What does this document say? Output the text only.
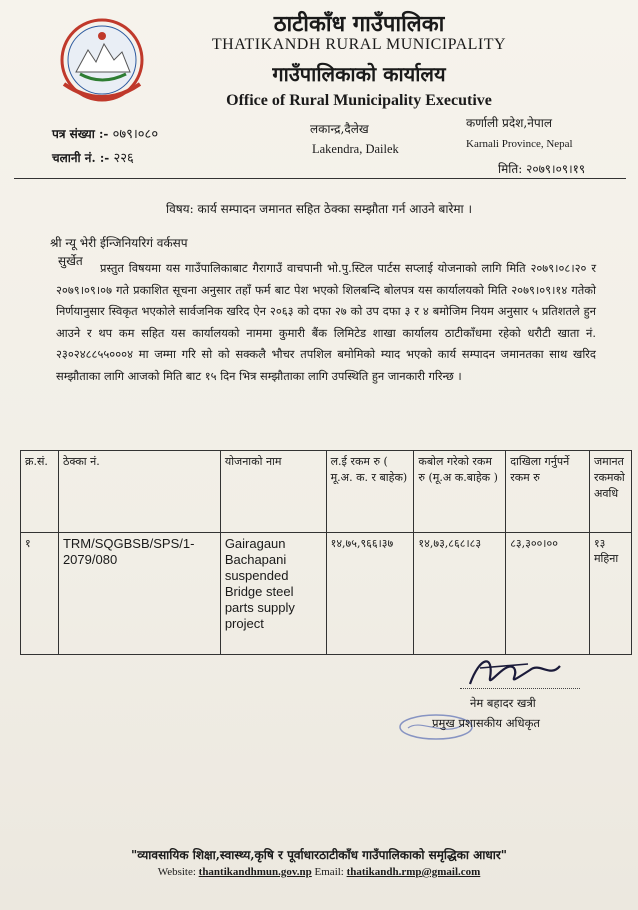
ठाटीकाँध गाउँपालिका
THATIKANDH RURAL MUNICIPALITY
गाउँपालिकाको कार्यालय
Office of Rural Municipality Executive
पत्र संख्या :- ०७९।०८०
चलानी नं. :- २२६
लकान्द्र,दैलेख
Lakendra, Dailek
कर्णाली प्रदेश,नेपाल
Karnali Province, Nepal
मिति: २०७९।०९।१९
विषय: कार्य सम्पादन जमानत सहित ठेक्का सम्झौता गर्न आउने बारेमा ।
श्री न्यू भेरी ईन्जिनियरिगं वर्कसप
सुर्खेत	प्रस्तुत विषयमा यस गाउँपालिकाबाट गैरागाउँ वाचपानी भो.पु.स्टिल पार्टस सप्लाई योजनाको लागि मिति २०७९।०८।२० र २०७९।०९।०७ गते प्रकाशित सूचना अनुसार तहाँ फर्म बाट पेश भएको शिलबन्दि बोलपत्र यस कार्यालयको मिति २०७९।०९।१४ गतेको निर्णयानुसार स्विकृत भएकोले सार्वजनिक खरिद ऐन २०६३ को दफा २७ को उप दफा ३ र ४ बमोजिम नियम अनुसार ५ प्रतिशतले हुन आउने र थप कम सहित यस कार्यालयको नाममा कुमारी बैंक लिमिटेड शाखा कार्यालय ठाटीकाँधमा रहेको धरौटी खाता नं. २३०२४८८५५०००४ मा जम्मा गरि सो को सक्कलै भौचर तपशिल बमोमिको म्याद भएको कार्य सम्पादन जमानतका साथ खरिद सम्झौताका लागि आजको मिति बाट १५ दिन भित्र सम्झौताका लागि उपस्थिति हुन जानकारी गरिन्छ ।
क्र.सं.	ठेक्का नं.	योजनाको नाम	ल.ई रकम रु ( मू.अ. क. र बाहेक)	कबोल गरेको रकम रु (मू.अ क.बाहेक )	दाखिला गर्नुपर्ने रकम रु	जमानत रकमको अवधि
१	TRM/SQGBSB/SPS/1-2079/080	Gairagaun Bachapani suspended Bridge steel parts supply project	१४,७५,९६६।३७	१४,७३,८६८।८३	८३,३००।००	१३ महिना
नेम बहादर खत्री
प्रमुख प्रशासकीय अधिकृत
"व्यावसायिक शिक्षा,स्वास्थ्य,कृषि र पूर्वाधारठाटीकाँध गाउँपालिकाको समृद्धिका आधार"
Website: thantikandhmun.gov.np Email: thatikandh.rmp@gmail.com
